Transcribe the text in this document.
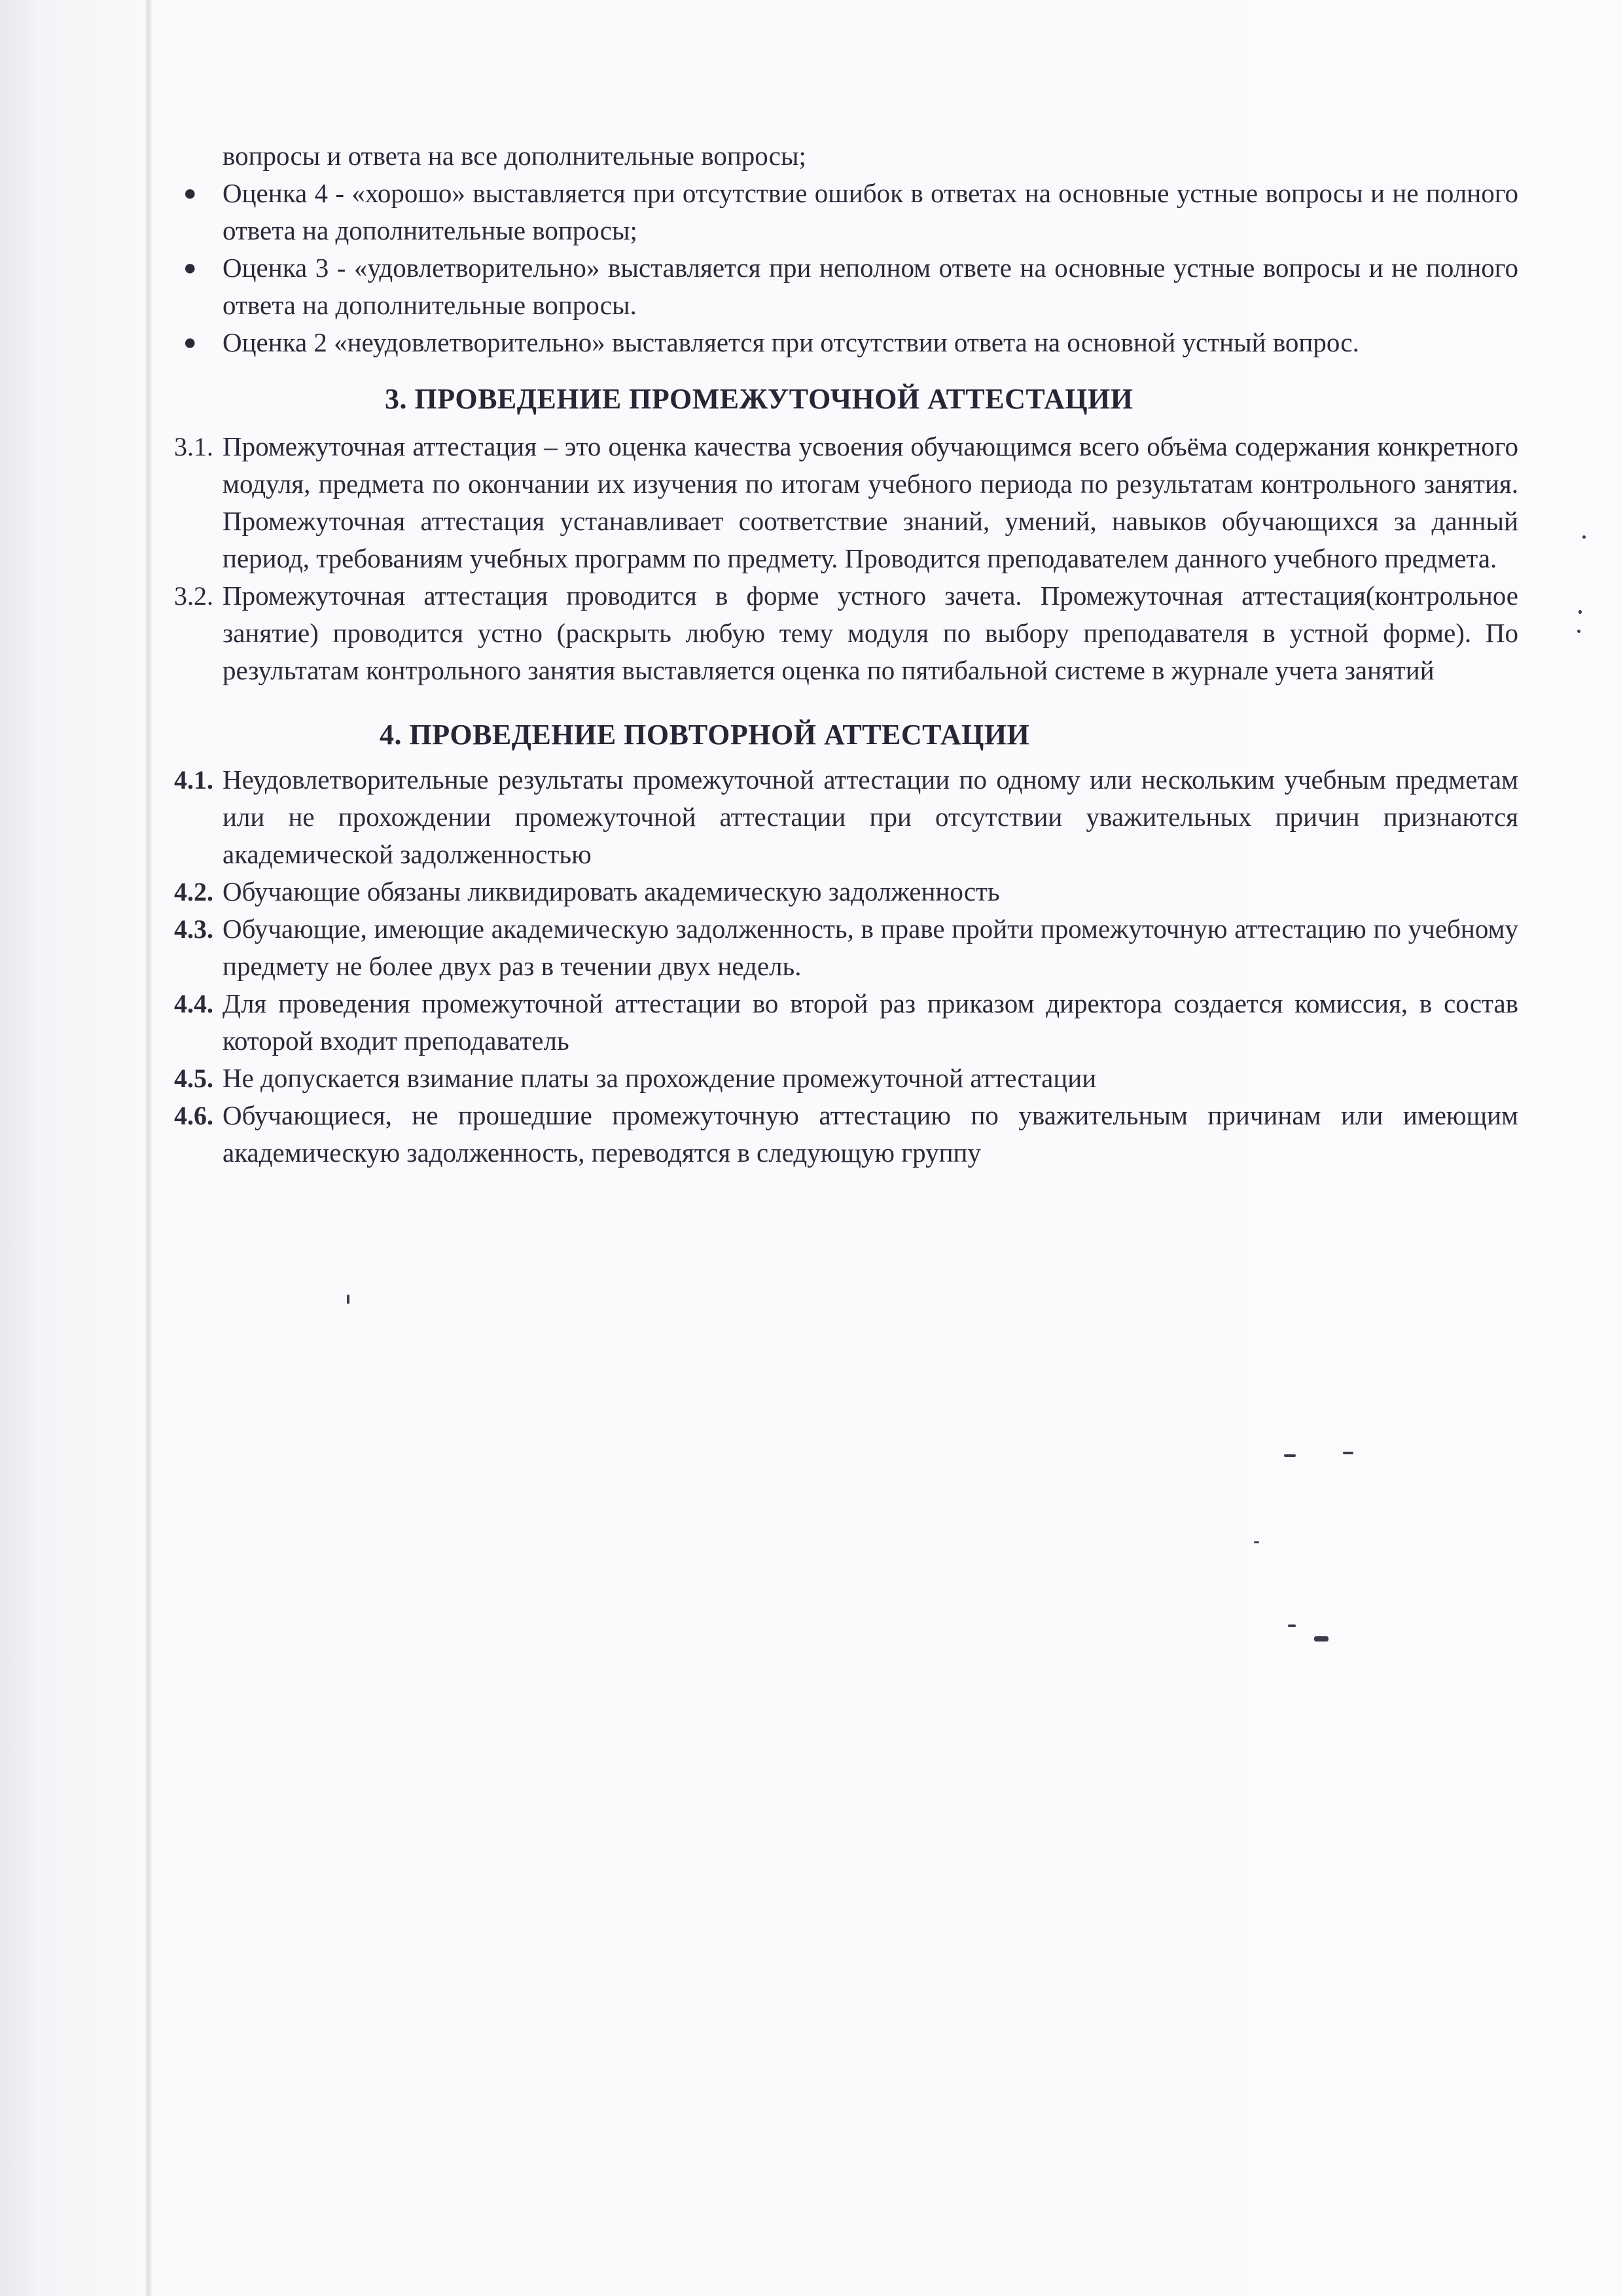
вопросы и ответа на все дополнительные вопросы;

● Оценка 4 - «хорошо» выставляется при отсутствие ошибок в ответах на основные устные вопросы и не полного ответа на дополнительные вопросы;
● Оценка 3 - «удовлетворительно» выставляется при неполном ответе на основные устные вопросы и не полного ответа на дополнительные вопросы.
● Оценка 2 «неудовлетворительно» выставляется при отсутствии ответа на основной устный вопрос.
3. ПРОВЕДЕНИЕ ПРОМЕЖУТОЧНОЙ АТТЕСТАЦИИ
3.1. Промежуточная аттестация – это оценка качества усвоения обучающимся всего объёма содержания конкретного модуля, предмета по окончании их изучения по итогам учебного периода по результатам контрольного занятия. Промежуточная аттестация устанавливает соответствие знаний, умений, навыков обучающихся за данный период, требованиям учебных программ по предмету. Проводится преподавателем данного учебного предмета.
3.2. Промежуточная аттестация проводится в форме устного зачета. Промежуточная аттестация(контрольное занятие) проводится устно (раскрыть любую тему модуля по выбору преподавателя в устной форме). По результатам контрольного занятия выставляется оценка по пятибальной системе в журнале учета занятий
4. ПРОВЕДЕНИЕ ПОВТОРНОЙ АТТЕСТАЦИИ
4.1. Неудовлетворительные результаты промежуточной аттестации по одному или нескольким учебным предметам или не прохождении промежуточной аттестации при отсутствии уважительных причин признаются академической задолженностью
4.2. Обучающие обязаны ликвидировать академическую задолженность
4.3. Обучающие, имеющие академическую задолженность, в праве пройти промежуточную аттестацию по учебному предмету не более двух раз в течении двух недель.
4.4. Для проведения промежуточной аттестации во второй раз приказом директора создается комиссия, в состав которой входит преподаватель
4.5. Не допускается взимание платы за прохождение промежуточной аттестации
4.6. Обучающиеся, не прошедшие промежуточную аттестацию по уважительным причинам или имеющим академическую задолженность, переводятся в следующую группу
